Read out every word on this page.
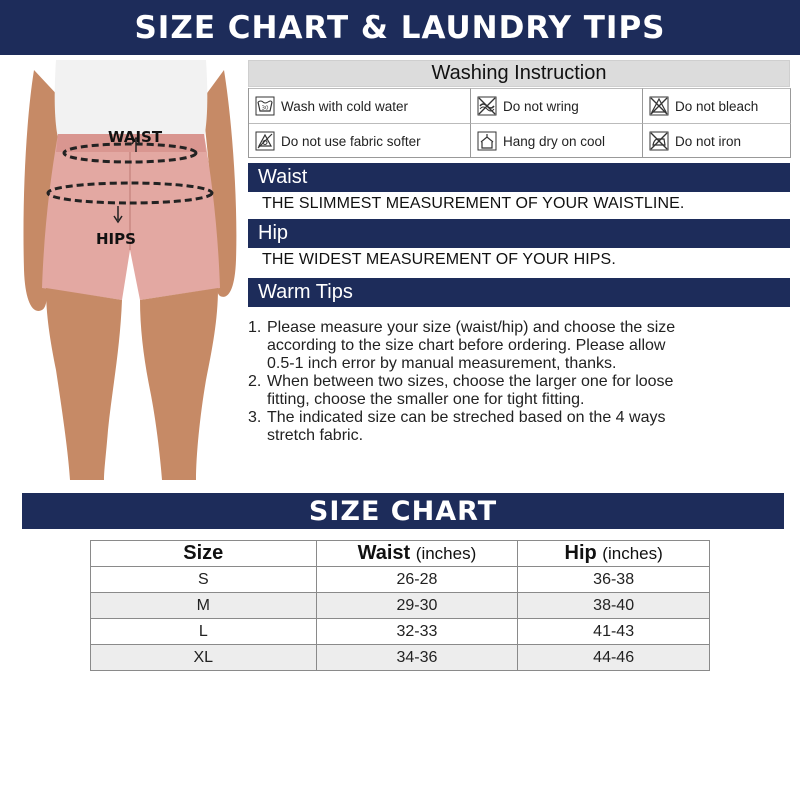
SIZE CHART & LAUNDRY TIPS
WAIST
HIPS
Washing Instruction
30 Wash with cold water	Do not wring	Do not bleach
Do not use fabric softer	Hang dry on cool	Do not iron
Waist
THE SLIMMEST MEASUREMENT OF YOUR WAISTLINE.
Hip
THE WIDEST MEASUREMENT OF YOUR HIPS.
Warm Tips
1. Please measure your size (waist/hip) and choose the size
according to the size chart before ordering. Please allow
0.5-1 inch error by manual measurement, thanks.
2. When between two sizes, choose the larger one for loose
fitting, choose the smaller one for tight fitting.
3. The indicated size can be streched based on the 4 ways
stretch fabric.
SIZE CHART
Size	Waist (inches)	Hip (inches)
S	26-28	36-38
M	29-30	38-40
L	32-33	41-43
XL	34-36	44-46
